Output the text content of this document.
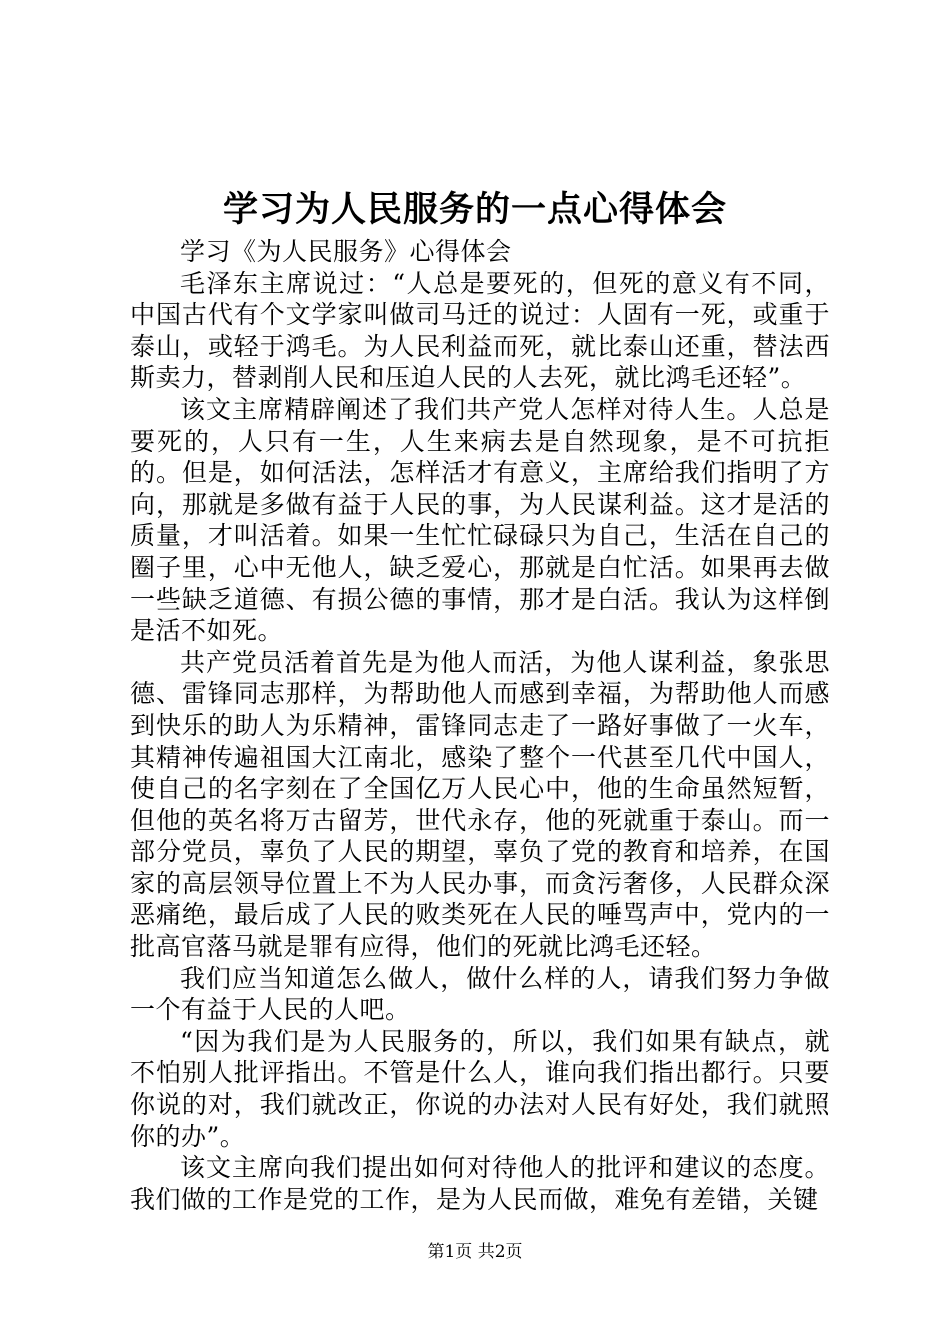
学习为人民服务的一点心得体会

学习《为人民服务》心得体会

毛泽东主席说过：“人总是要死的，但死的意义有不同，中国古代有个文学家叫做司马迁的说过：人固有一死，或重于泰山，或轻于鸿毛。为人民利益而死，就比泰山还重，替法西斯卖力，替剥削人民和压迫人民的人去死，就比鸿毛还轻”。

该文主席精辟阐述了我们共产党人怎样对待人生。人总是要死的，人只有一生，人生来病去是自然现象，是不可抗拒的。但是，如何活法，怎样活才有意义，主席给我们指明了方向，那就是多做有益于人民的事，为人民谋利益。这才是活的质量，才叫活着。如果一生忙忙碌碌只为自己，生活在自己的圈子里，心中无他人，缺乏爱心，那就是白忙活。如果再去做一些缺乏道德、有损公德的事情，那才是白活。我认为这样倒是活不如死。

共产党员活着首先是为他人而活，为他人谋利益，象张思德、雷锋同志那样，为帮助他人而感到幸福，为帮助他人而感到快乐的助人为乐精神，雷锋同志走了一路好事做了一火车，其精神传遍祖国大江南北，感染了整个一代甚至几代中国人，使自己的名字刻在了全国亿万人民心中，他的生命虽然短暂，但他的英名将万古留芳，世代永存，他的死就重于泰山。而一部分党员，辜负了人民的期望，辜负了党的教育和培养，在国家的高层领导位置上不为人民办事，而贪污奢侈，人民群众深恶痛绝，最后成了人民的败类死在人民的唾骂声中，党内的一批高官落马就是罪有应得，他们的死就比鸿毛还轻。

我们应当知道怎么做人，做什么样的人，请我们努力争做一个有益于人民的人吧。

“因为我们是为人民服务的，所以，我们如果有缺点，就不怕别人批评指出。不管是什么人，谁向我们指出都行。只要你说的对，我们就改正，你说的办法对人民有好处，我们就照你的办”。

该文主席向我们提出如何对待他人的批评和建议的态度。我们做的工作是党的工作，是为人民而做，难免有差错，关键

第1页 共2页
